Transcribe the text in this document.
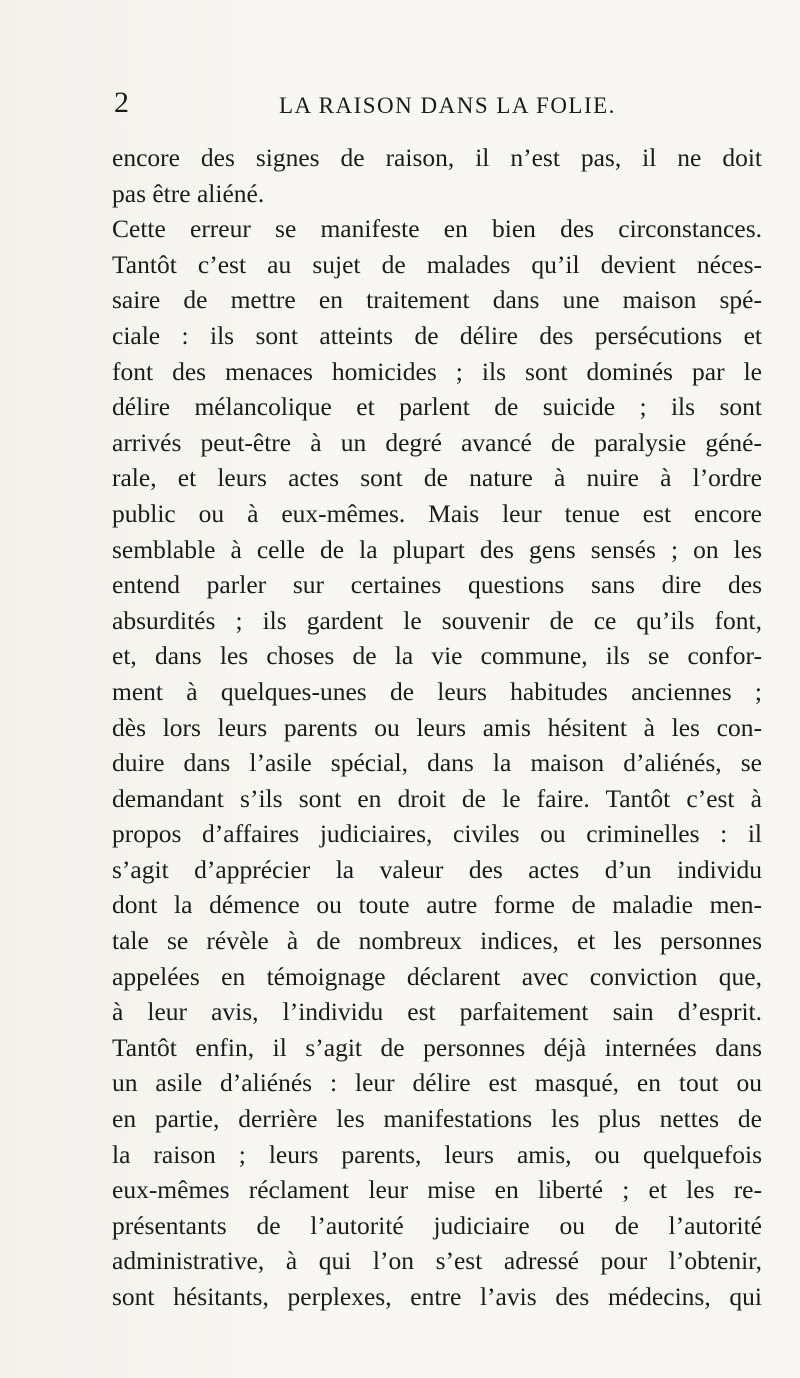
2	LA RAISON DANS LA FOLIE.
encore des signes de raison, il n’est pas, il ne doit
pas être aliéné.
Cette erreur se manifeste en bien des circonstances.
Tantôt c’est au sujet de malades qu’il devient néces-
saire de mettre en traitement dans une maison spé-
ciale : ils sont atteints de délire des persécutions et
font des menaces homicides ; ils sont dominés par le
délire mélancolique et parlent de suicide ; ils sont
arrivés peut-être à un degré avancé de paralysie géné-
rale, et leurs actes sont de nature à nuire à l’ordre
public ou à eux-mêmes. Mais leur tenue est encore
semblable à celle de la plupart des gens sensés ; on les
entend parler sur certaines questions sans dire des
absurdités ; ils gardent le souvenir de ce qu’ils font,
et, dans les choses de la vie commune, ils se confor-
ment à quelques-unes de leurs habitudes anciennes ;
dès lors leurs parents ou leurs amis hésitent à les con-
duire dans l’asile spécial, dans la maison d’aliénés, se
demandant s’ils sont en droit de le faire. Tantôt c’est à
propos d’affaires judiciaires, civiles ou criminelles : il
s’agit d’apprécier la valeur des actes d’un individu
dont la démence ou toute autre forme de maladie men-
tale se révèle à de nombreux indices, et les personnes
appelées en témoignage déclarent avec conviction que,
à leur avis, l’individu est parfaitement sain d’esprit.
Tantôt enfin, il s’agit de personnes déjà internées dans
un asile d’aliénés : leur délire est masqué, en tout ou
en partie, derrière les manifestations les plus nettes de
la raison ; leurs parents, leurs amis, ou quelquefois
eux-mêmes réclament leur mise en liberté ; et les re-
présentants de l’autorité judiciaire ou de l’autorité
administrative, à qui l’on s’est adressé pour l’obtenir,
sont hésitants, perplexes, entre l’avis des médecins, qui
